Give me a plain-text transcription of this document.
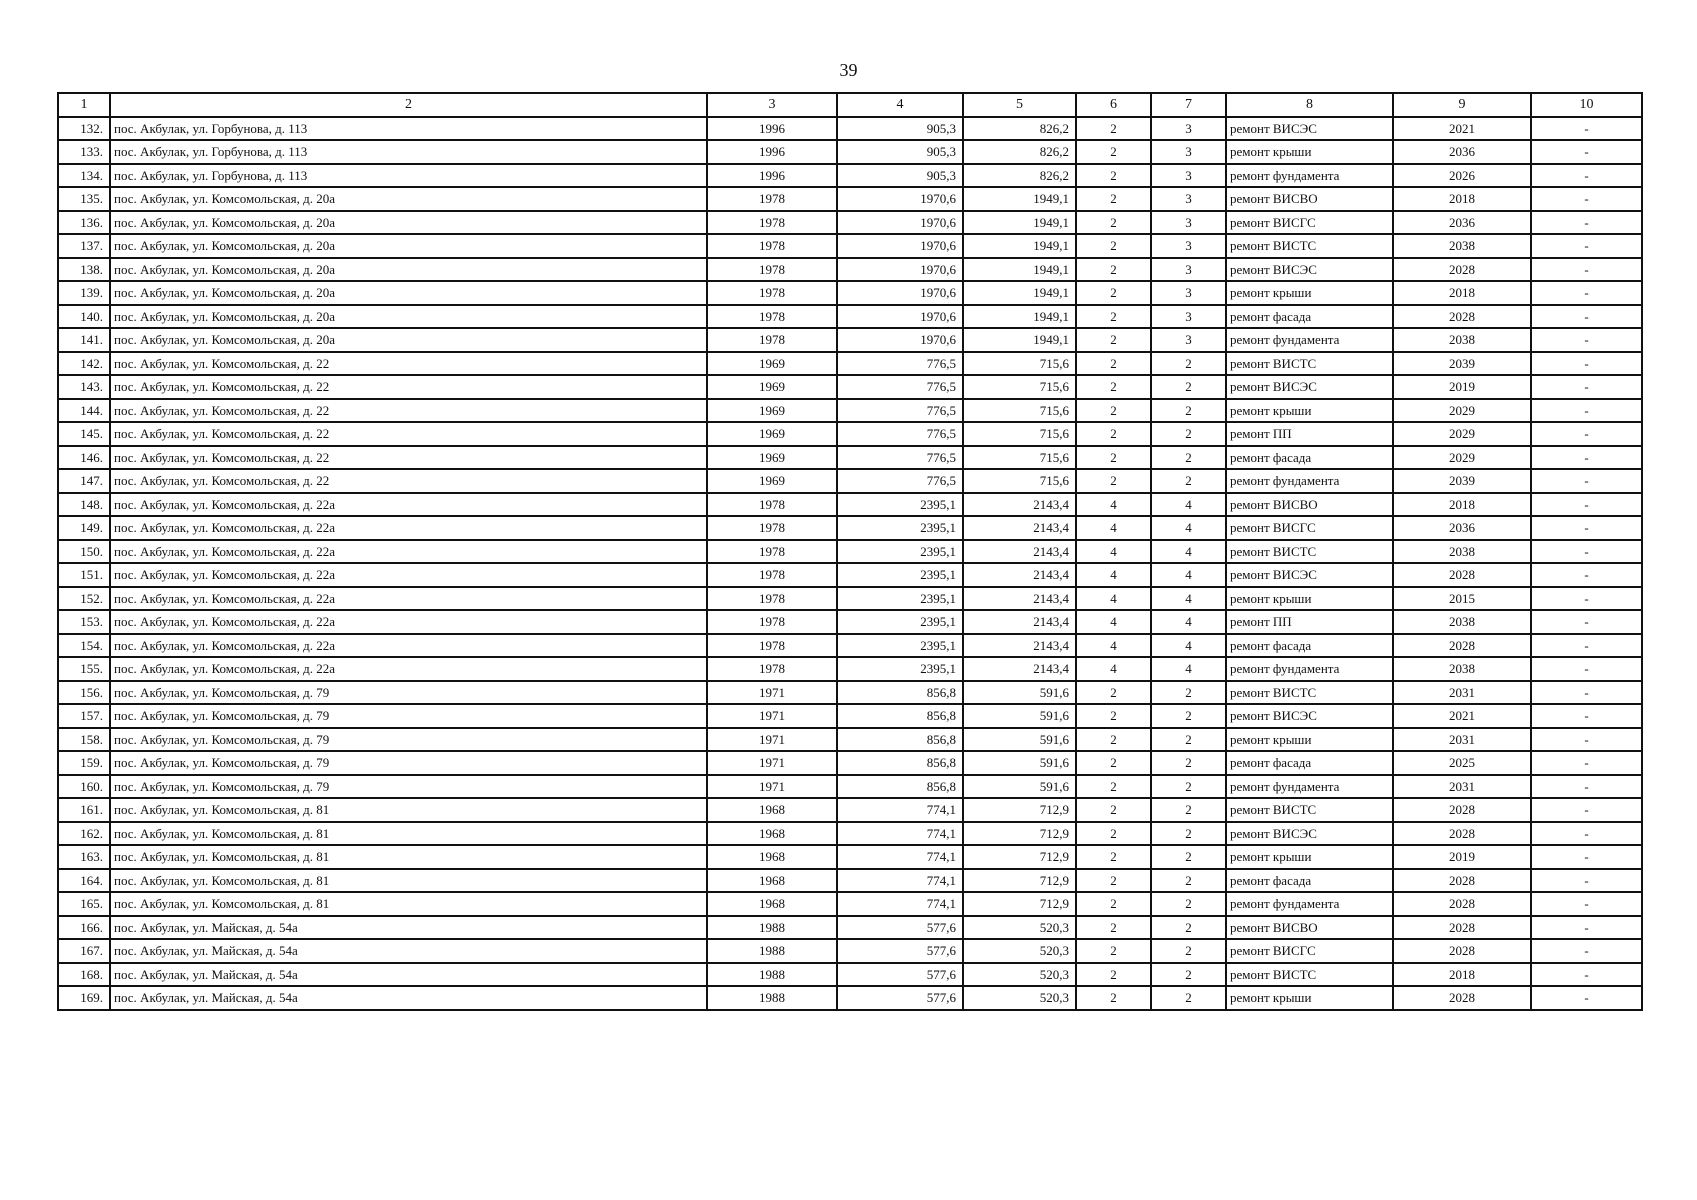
39
1	2	3	4	5	6	7	8	9	10
132.	пос. Акбулак, ул. Горбунова, д. 113	1996	905,3	826,2	2	3	ремонт ВИСЭС	2021	-
133.	пос. Акбулак, ул. Горбунова, д. 113	1996	905,3	826,2	2	3	ремонт крыши	2036	-
134.	пос. Акбулак, ул. Горбунова, д. 113	1996	905,3	826,2	2	3	ремонт фундамента	2026	-
135.	пос. Акбулак, ул. Комсомольская, д. 20а	1978	1970,6	1949,1	2	3	ремонт ВИСВО	2018	-
136.	пос. Акбулак, ул. Комсомольская, д. 20а	1978	1970,6	1949,1	2	3	ремонт ВИСГС	2036	-
137.	пос. Акбулак, ул. Комсомольская, д. 20а	1978	1970,6	1949,1	2	3	ремонт ВИСТС	2038	-
138.	пос. Акбулак, ул. Комсомольская, д. 20а	1978	1970,6	1949,1	2	3	ремонт ВИСЭС	2028	-
139.	пос. Акбулак, ул. Комсомольская, д. 20а	1978	1970,6	1949,1	2	3	ремонт крыши	2018	-
140.	пос. Акбулак, ул. Комсомольская, д. 20а	1978	1970,6	1949,1	2	3	ремонт фасада	2028	-
141.	пос. Акбулак, ул. Комсомольская, д. 20а	1978	1970,6	1949,1	2	3	ремонт фундамента	2038	-
142.	пос. Акбулак, ул. Комсомольская, д. 22	1969	776,5	715,6	2	2	ремонт ВИСТС	2039	-
143.	пос. Акбулак, ул. Комсомольская, д. 22	1969	776,5	715,6	2	2	ремонт ВИСЭС	2019	-
144.	пос. Акбулак, ул. Комсомольская, д. 22	1969	776,5	715,6	2	2	ремонт крыши	2029	-
145.	пос. Акбулак, ул. Комсомольская, д. 22	1969	776,5	715,6	2	2	ремонт ПП	2029	-
146.	пос. Акбулак, ул. Комсомольская, д. 22	1969	776,5	715,6	2	2	ремонт фасада	2029	-
147.	пос. Акбулак, ул. Комсомольская, д. 22	1969	776,5	715,6	2	2	ремонт фундамента	2039	-
148.	пос. Акбулак, ул. Комсомольская, д. 22а	1978	2395,1	2143,4	4	4	ремонт ВИСВО	2018	-
149.	пос. Акбулак, ул. Комсомольская, д. 22а	1978	2395,1	2143,4	4	4	ремонт ВИСГС	2036	-
150.	пос. Акбулак, ул. Комсомольская, д. 22а	1978	2395,1	2143,4	4	4	ремонт ВИСТС	2038	-
151.	пос. Акбулак, ул. Комсомольская, д. 22а	1978	2395,1	2143,4	4	4	ремонт ВИСЭС	2028	-
152.	пос. Акбулак, ул. Комсомольская, д. 22а	1978	2395,1	2143,4	4	4	ремонт крыши	2015	-
153.	пос. Акбулак, ул. Комсомольская, д. 22а	1978	2395,1	2143,4	4	4	ремонт ПП	2038	-
154.	пос. Акбулак, ул. Комсомольская, д. 22а	1978	2395,1	2143,4	4	4	ремонт фасада	2028	-
155.	пос. Акбулак, ул. Комсомольская, д. 22а	1978	2395,1	2143,4	4	4	ремонт фундамента	2038	-
156.	пос. Акбулак, ул. Комсомольская, д. 79	1971	856,8	591,6	2	2	ремонт ВИСТС	2031	-
157.	пос. Акбулак, ул. Комсомольская, д. 79	1971	856,8	591,6	2	2	ремонт ВИСЭС	2021	-
158.	пос. Акбулак, ул. Комсомольская, д. 79	1971	856,8	591,6	2	2	ремонт крыши	2031	-
159.	пос. Акбулак, ул. Комсомольская, д. 79	1971	856,8	591,6	2	2	ремонт фасада	2025	-
160.	пос. Акбулак, ул. Комсомольская, д. 79	1971	856,8	591,6	2	2	ремонт фундамента	2031	-
161.	пос. Акбулак, ул. Комсомольская, д. 81	1968	774,1	712,9	2	2	ремонт ВИСТС	2028	-
162.	пос. Акбулак, ул. Комсомольская, д. 81	1968	774,1	712,9	2	2	ремонт ВИСЭС	2028	-
163.	пос. Акбулак, ул. Комсомольская, д. 81	1968	774,1	712,9	2	2	ремонт крыши	2019	-
164.	пос. Акбулак, ул. Комсомольская, д. 81	1968	774,1	712,9	2	2	ремонт фасада	2028	-
165.	пос. Акбулак, ул. Комсомольская, д. 81	1968	774,1	712,9	2	2	ремонт фундамента	2028	-
166.	пос. Акбулак, ул. Майская, д. 54а	1988	577,6	520,3	2	2	ремонт ВИСВО	2028	-
167.	пос. Акбулак, ул. Майская, д. 54а	1988	577,6	520,3	2	2	ремонт ВИСГС	2028	-
168.	пос. Акбулак, ул. Майская, д. 54а	1988	577,6	520,3	2	2	ремонт ВИСТС	2018	-
169.	пос. Акбулак, ул. Майская, д. 54а	1988	577,6	520,3	2	2	ремонт крыши	2028	-
